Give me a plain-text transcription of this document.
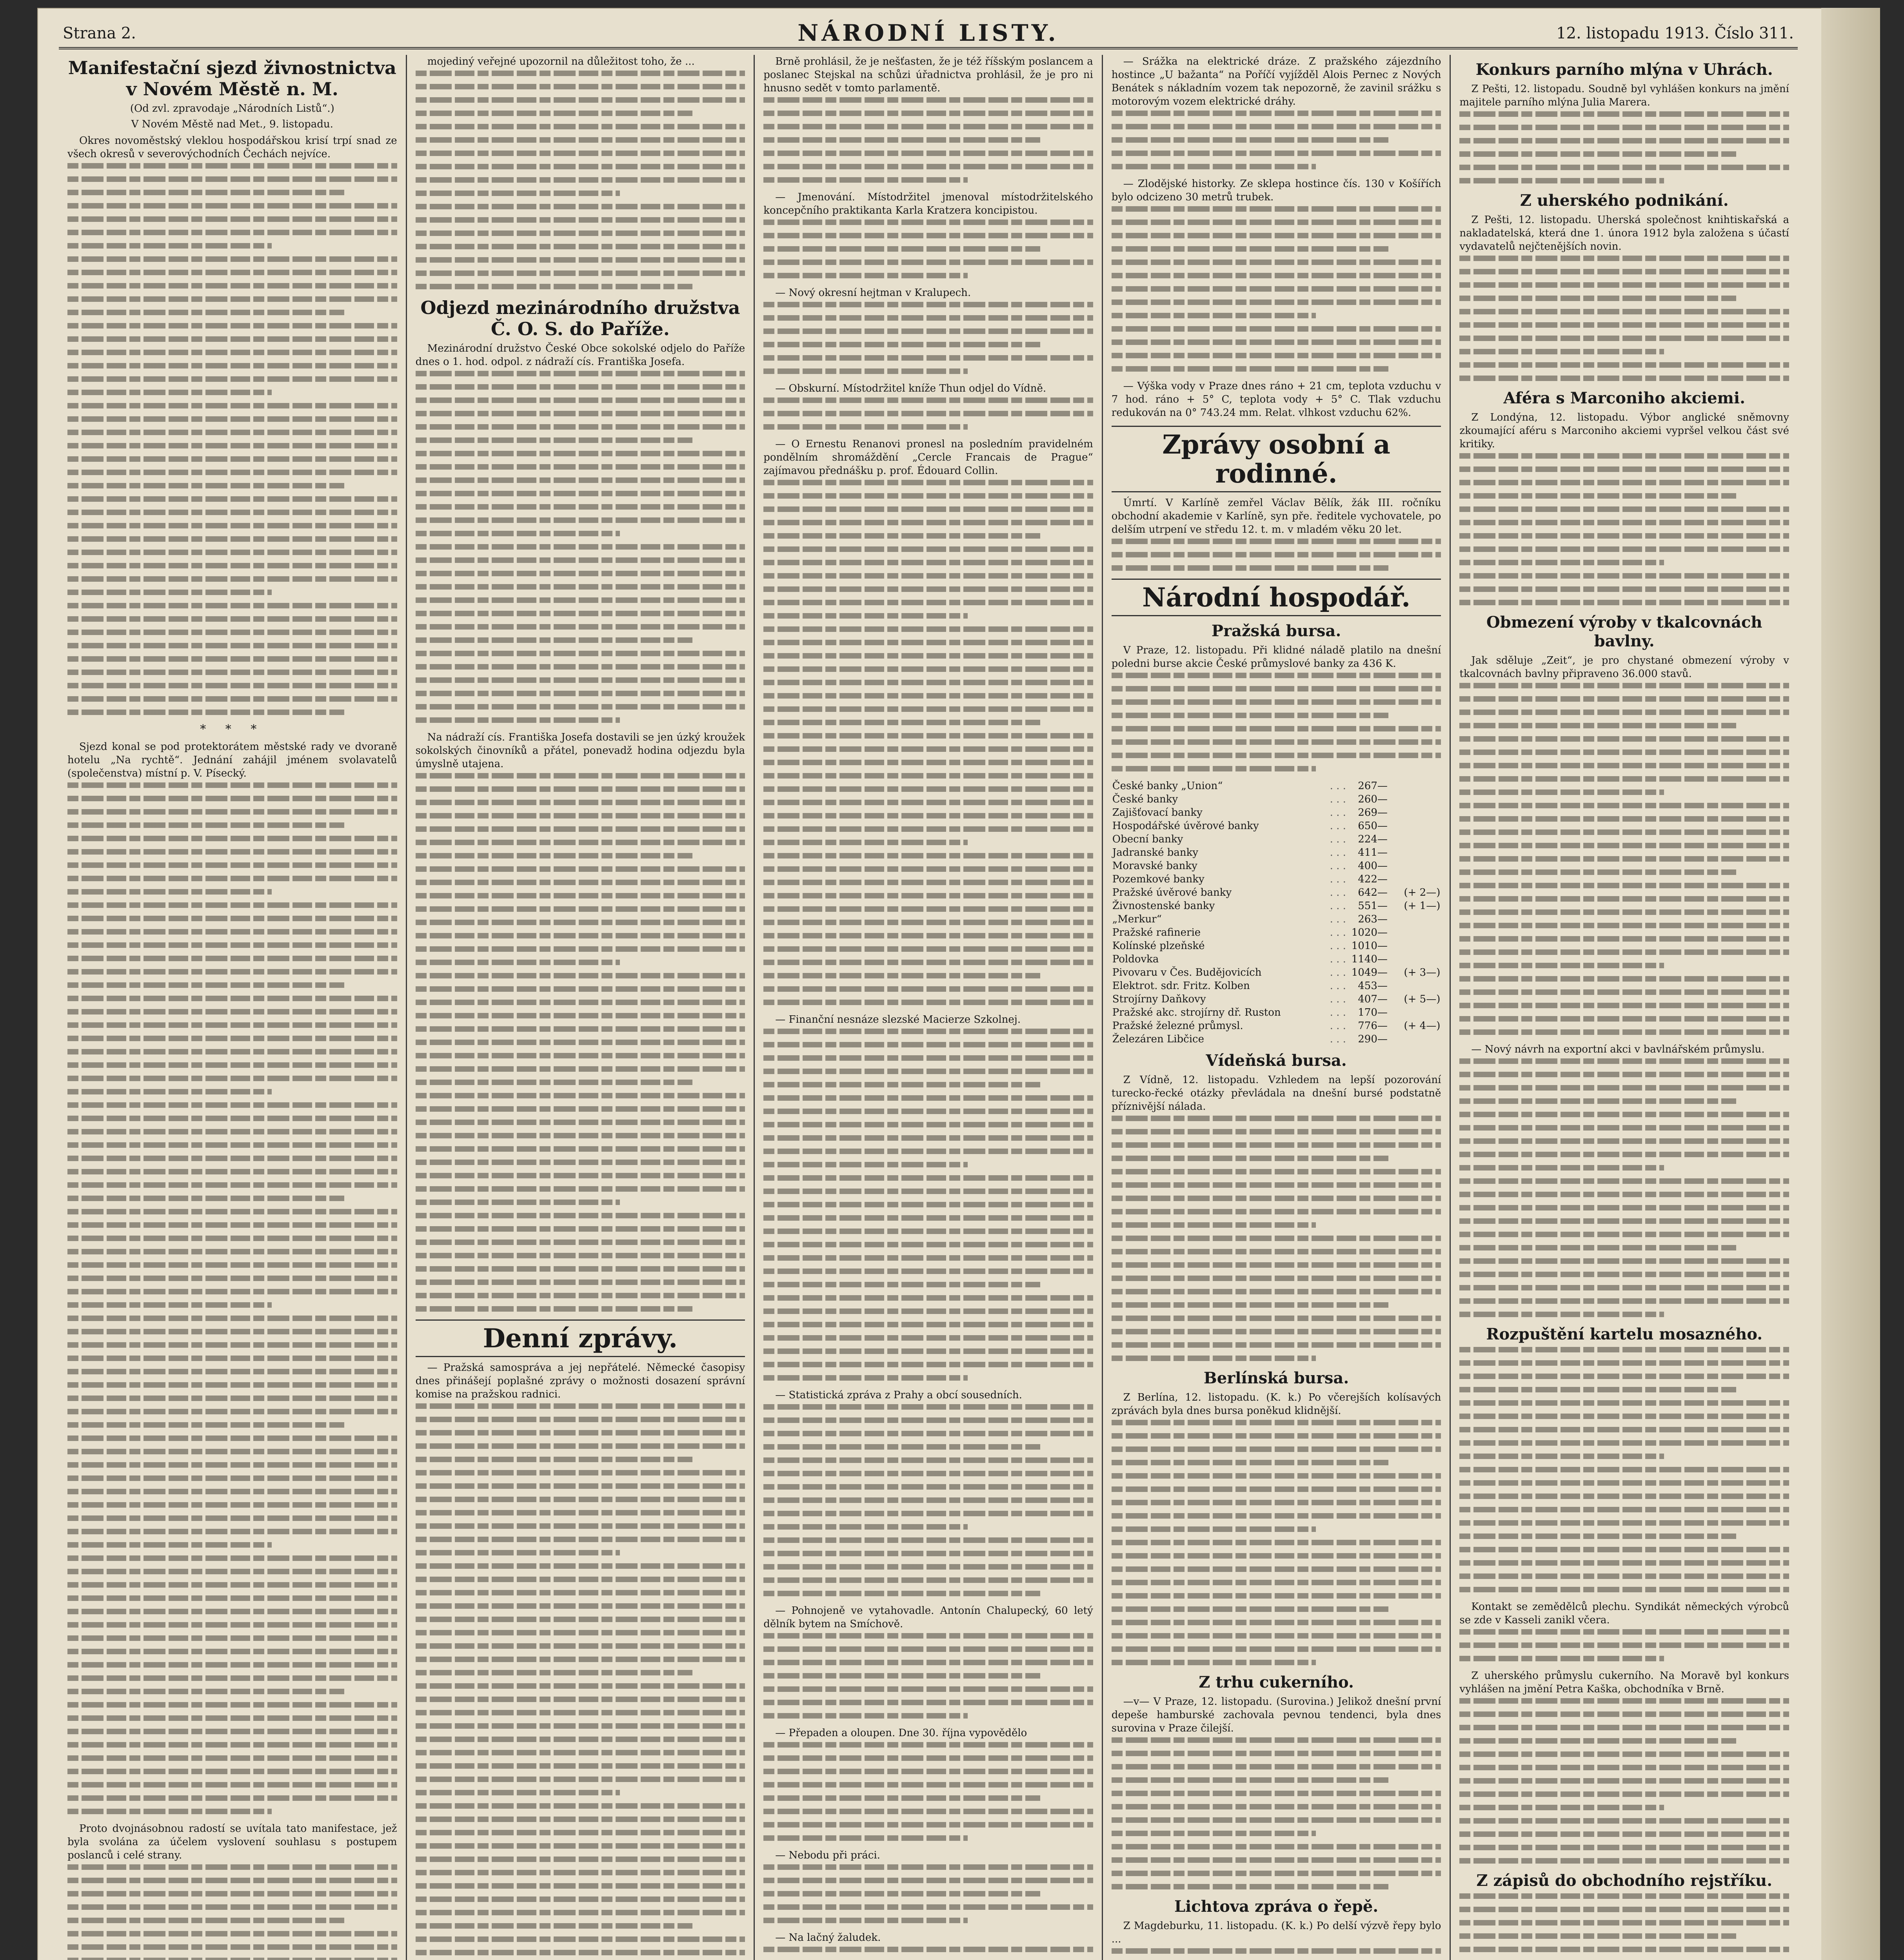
Strana 2.	NÁRODNÍ LISTY.	12. listopadu 1913. Číslo 311.
Manifestační sjezd živnostnictva v Novém Městě n. M.
(Od zvl. zpravodaje „Národních Listů“.)
V Novém Městě nad Met., 9. listopadu.

Okres novoměstský vleklou hospodářskou krisí trpí snad ze všech okresů v severovýchodních Čechách nejvíce.

* * *

Sjezd konal se pod protektorátem městské rady ve dvoraně hotelu „Na rychtě“. Jednání zahájil jménem svolavatelů (společenstva) místní p. V. Písecký.

Proto dvojnásobnou radostí se uvítala tato manifestace, jež byla svolána za účelem vyslovení souhlasu s postupem poslanců i celé strany.

mojediný veřejné upozornil na důležitost toho, že ...

Odjezd mezinárodního družstva Č. O. S. do Paříže.

Mezinárodní družstvo České Obce sokolské odjelo do Paříže dnes o 1. hod. odpol. z nádraží cís. Františka Josefa.

Na nádraží cís. Františka Josefa dostavili se jen úzký kroužek sokolských činovníků a přátel, ponevadž hodina odjezdu byla úmyslně utajena.

Denní zprávy.

— Pražská samospráva a jej nepřátelé. Německé časopisy dnes přinášejí poplašné zprávy o možnosti dosazení správní komise na pražskou radnici.

Brně prohlásil, že je nešťasten, že je též říšským poslancem a poslanec Stejskal na schůzi úřadnictva prohlásil, že je pro ni hnusno sedět v tomto parlamentě.

— Jmenování. Místodržitel jmenoval místodržitelského koncepčního praktikanta Karla Kratzera koncipistou.

— Nový okresní hejtman v Kralupech.

— Obskurní. Místodržitel kníže Thun odjel do Vídně.

— O Ernestu Renanovi pronesl na posledním pravidelném pondělním shromáždění „Cercle Francais de Prague“ zajímavou přednášku p. prof. Édouard Collin.

— Finanční nesnáze slezské Macierze Szkolnej.

— Statistická zpráva z Prahy a obcí sousedních.

— Pohnojeně ve vytahovadle. Antonín Chalupecký, 60 letý dělník bytem na Smíchově.

— Přepaden a oloupen. Dne 30. října vypovědělo

— Nebodu při práci.

— Na lačný žaludek.

— Srážka na elektrické dráze. Z pražského zájezdního hostince „U bažanta“ na Poříčí vyjížděl Alois Pernec z Nových Benátek s nákladním vozem tak nepozorně, že zavinil srážku s motorovým vozem elektrické dráhy.

— Zlodějské historky. Ze sklepa hostince čís. 130 v Košířích bylo odcizeno 30 metrů trubek.

— Výška vody v Praze dnes ráno + 21 cm, teplota vzduchu v 7 hod. ráno + 5° C, teplota vody + 5° C. Tlak vzduchu redukován na 0° 743.24 mm. Relat. vlhkost vzduchu 62%.

Zprávy osobní a rodinné.

Úmrtí. V Karlíně zemřel Václav Bělík, žák III. ročníku obchodní akademie v Karlíně, syn pře. ředitele vychovatele, po delším utrpení ve středu 12. t. m. v mladém věku 20 let.

Národní hospodář.
Pražská bursa.

V Praze, 12. listopadu. Při klidné náladě platilo na dnešní poledni burse akcie České průmyslové banky za 436 K.

České banky „Union“	. . .	267—	
České banky	. . .	260—	
Zajišťovací banky	. . .	269—	
Hospodářské úvěrové banky	. . .	650—	
Obecní banky	. . .	224—	
Jadranské banky	. . .	411—	
Moravské banky	. . .	400—	
Pozemkové banky	. . .	422—	
Pražské úvěrové banky	. . .	642—	(+ 2—)
Živnostenské banky	. . .	551—	(+ 1—)
„Merkur“	. . .	263—	
Pražské rafinerie	. . .	1020—	
Kolínské plzeňské	. . .	1010—	
Poldovka	. . .	1140—	
Pivovaru v Čes. Budějovicích	. . .	1049—	(+ 3—)
Elektrot. sdr. Fritz. Kolben	. . .	453—	
Strojírny Daňkovy	. . .	407—	(+ 5—)
Pražské akc. strojírny dř. Ruston	. . .	170—	
Pražské železné průmysl.	. . .	776—	(+ 4—)
Železáren Libčice	. . .	290—	
Vídeňská bursa.

Z Vídně, 12. listopadu. Vzhledem na lepší pozorování turecko-řecké otázky převládala na dnešní bursé podstatně příznivější nálada.

Berlínská bursa.

Z Berlína, 12. listopadu. (K. k.) Po včerejších kolísavých zprávách byla dnes bursa poněkud klidnější.

Z trhu cukerního.

—v— V Praze, 12. listopadu. (Surovina.) Jelikož dnešní první depeše hamburské zachovala pevnou tendenci, byla dnes surovina v Praze čilejší.

Lichtova zpráva o řepě.

Z Magdeburku, 11. listopadu. (K. k.) Po delší výzvě řepy bylo ...

Konkurs parního mlýna v Uhrách.

Z Pešti, 12. listopadu. Soudně byl vyhlášen konkurs na jmění majitele parního mlýna Julia Marera.

Z uherského podnikání.

Z Pešti, 12. listopadu. Uherská společnost knihtiskařská a nakladatelská, která dne 1. února 1912 byla založena s účastí vydavatelů nejčtenějších novin.

Aféra s Marconiho akciemi.

Z Londýna, 12. listopadu. Výbor anglické sněmovny zkoumající aféru s Marconiho akciemi vypršel velkou část své kritiky.

Obmezení výroby v tkalcovnách bavlny.

Jak sděluje „Zeit“, je pro chystané obmezení výroby v tkalcovnách bavlny připraveno 36.000 stavů.

— Nový návrh na exportní akci v bavlnářském průmyslu.

Rozpuštění kartelu mosazného.

Kontakt se zemědělců plechu. Syndikát německých výrobců se zde v Kasseli zanikl včera.

Z uherského průmyslu cukerního. Na Moravě byl konkurs vyhlášen na jmění Petra Kaška, obchodníka v Brně.

Z zápisů do obchodního rejstříku.
